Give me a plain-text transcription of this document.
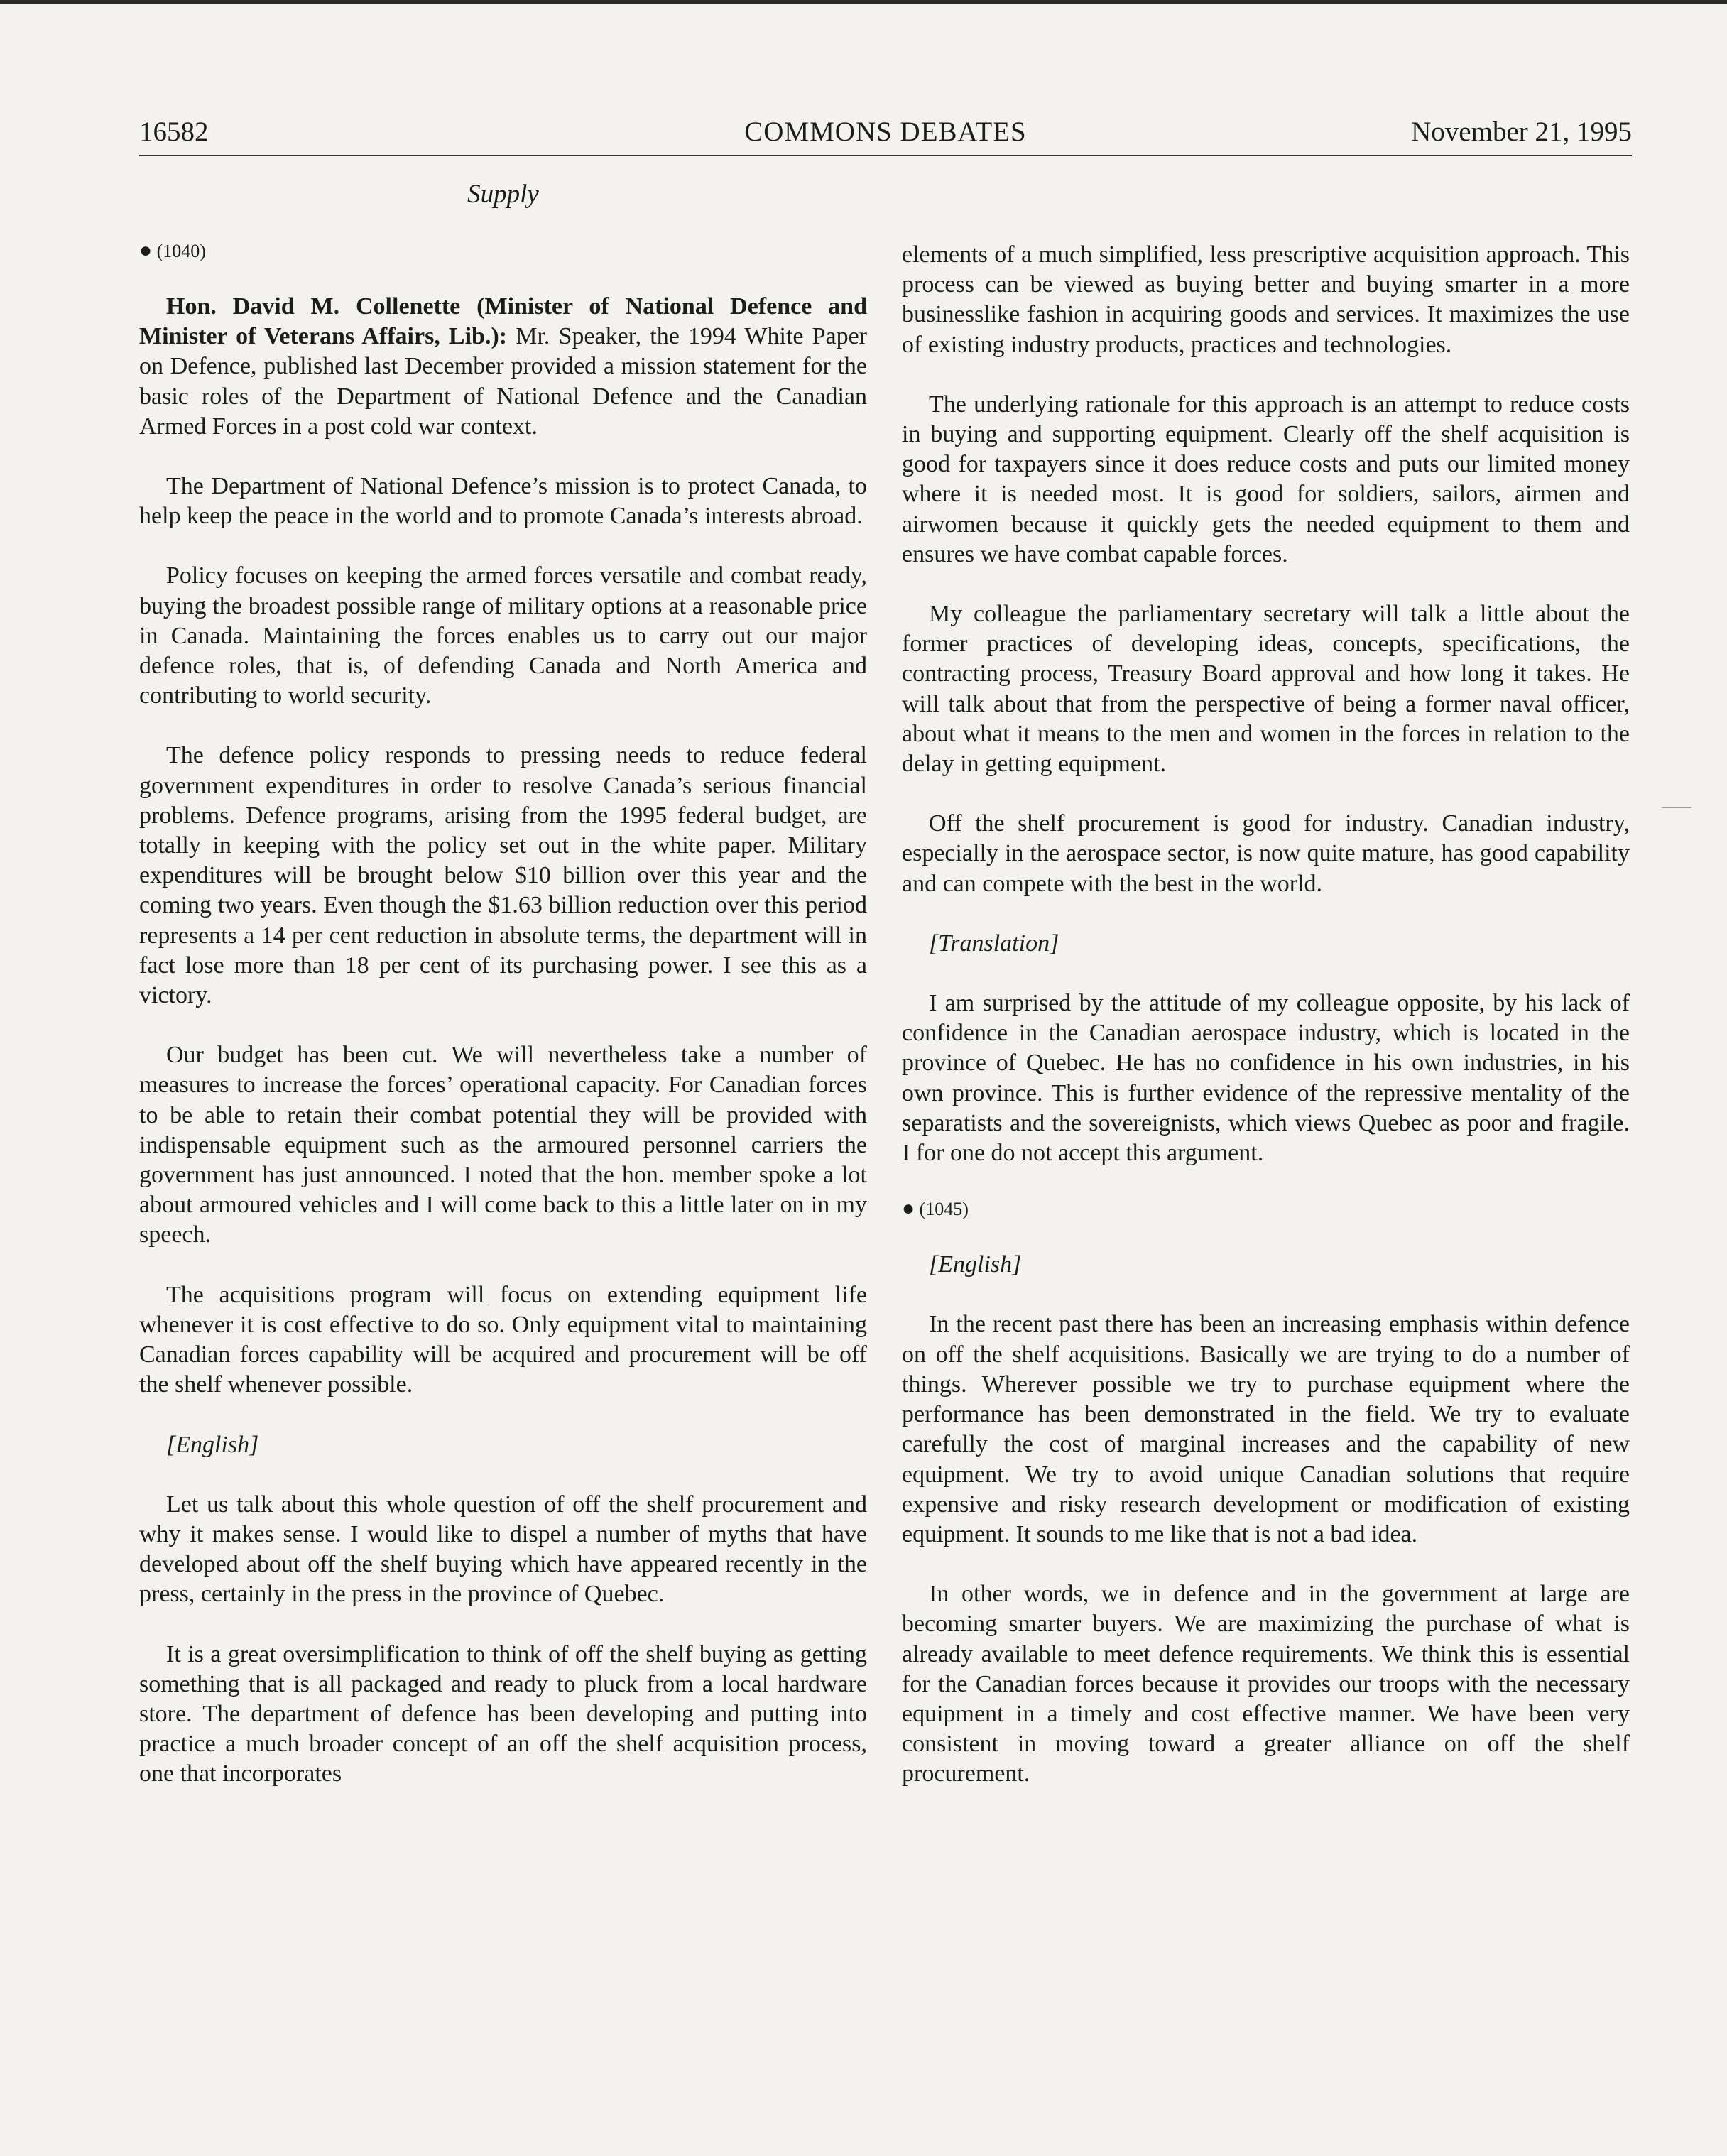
16582	COMMONS DEBATES	November 21, 1995
Supply
● (1040)

Hon. David M. Collenette (Minister of National Defence and Minister of Veterans Affairs, Lib.): Mr. Speaker, the 1994 White Paper on Defence, published last December provided a mission statement for the basic roles of the Department of National Defence and the Canadian Armed Forces in a post cold war context.

The Department of National Defence’s mission is to protect Canada, to help keep the peace in the world and to promote Canada’s interests abroad.

Policy focuses on keeping the armed forces versatile and combat ready, buying the broadest possible range of military options at a reasonable price in Canada. Maintaining the forces enables us to carry out our major defence roles, that is, of defending Canada and North America and contributing to world security.

The defence policy responds to pressing needs to reduce federal government expenditures in order to resolve Canada’s serious financial problems. Defence programs, arising from the 1995 federal budget, are totally in keeping with the policy set out in the white paper. Military expenditures will be brought below $10 billion over this year and the coming two years. Even though the $1.63 billion reduction over this period represents a 14 per cent reduction in absolute terms, the department will in fact lose more than 18 per cent of its purchasing power. I see this as a victory.

Our budget has been cut. We will nevertheless take a number of measures to increase the forces’ operational capacity. For Canadian forces to be able to retain their combat potential they will be provided with indispensable equipment such as the armoured personnel carriers the government has just announced. I noted that the hon. member spoke a lot about armoured vehicles and I will come back to this a little later on in my speech.

The acquisitions program will focus on extending equipment life whenever it is cost effective to do so. Only equipment vital to maintaining Canadian forces capability will be acquired and procurement will be off the shelf whenever possible.

[English]

Let us talk about this whole question of off the shelf procurement and why it makes sense. I would like to dispel a number of myths that have developed about off the shelf buying which have appeared recently in the press, certainly in the press in the province of Quebec.

It is a great oversimplification to think of off the shelf buying as getting something that is all packaged and ready to pluck from a local hardware store. The department of defence has been developing and putting into practice a much broader concept of an off the shelf acquisition process, one that incorporates

elements of a much simplified, less prescriptive acquisition approach. This process can be viewed as buying better and buying smarter in a more businesslike fashion in acquiring goods and services. It maximizes the use of existing industry products, practices and technologies.

The underlying rationale for this approach is an attempt to reduce costs in buying and supporting equipment. Clearly off the shelf acquisition is good for taxpayers since it does reduce costs and puts our limited money where it is needed most. It is good for soldiers, sailors, airmen and airwomen because it quickly gets the needed equipment to them and ensures we have combat capable forces.

My colleague the parliamentary secretary will talk a little about the former practices of developing ideas, concepts, specifications, the contracting process, Treasury Board approval and how long it takes. He will talk about that from the perspective of being a former naval officer, about what it means to the men and women in the forces in relation to the delay in getting equipment.

Off the shelf procurement is good for industry. Canadian industry, especially in the aerospace sector, is now quite mature, has good capability and can compete with the best in the world.

[Translation]

I am surprised by the attitude of my colleague opposite, by his lack of confidence in the Canadian aerospace industry, which is located in the province of Quebec. He has no confidence in his own industries, in his own province. This is further evidence of the repressive mentality of the separatists and the sovereignists, which views Quebec as poor and fragile. I for one do not accept this argument.

● (1045)

[English]

In the recent past there has been an increasing emphasis within defence on off the shelf acquisitions. Basically we are trying to do a number of things. Wherever possible we try to purchase equipment where the performance has been demonstrated in the field. We try to evaluate carefully the cost of marginal increases and the capability of new equipment. We try to avoid unique Canadian solutions that require expensive and risky research development or modification of existing equipment. It sounds to me like that is not a bad idea.

In other words, we in defence and in the government at large are becoming smarter buyers. We are maximizing the purchase of what is already available to meet defence requirements. We think this is essential for the Canadian forces because it provides our troops with the necessary equipment in a timely and cost effective manner. We have been very consistent in moving toward a greater alliance on off the shelf procurement.
